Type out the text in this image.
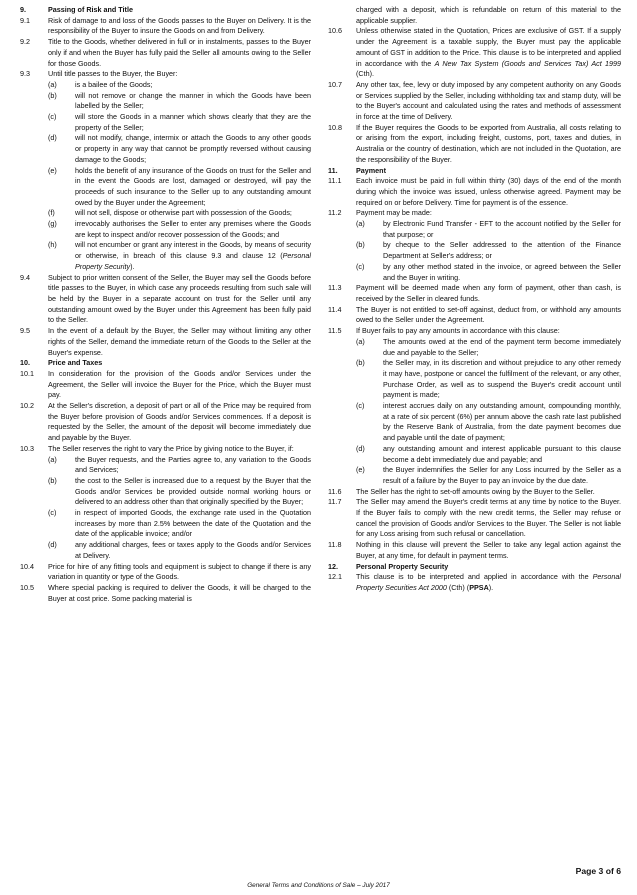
9.	Passing of Risk and Title
9.1	Risk of damage to and loss of the Goods passes to the Buyer on Delivery. It is the responsibility of the Buyer to insure the Goods on and from Delivery.
9.2	Title to the Goods, whether delivered in full or in instalments, passes to the Buyer only if and when the Buyer has fully paid the Seller all amounts owing to the Seller for those Goods.
9.3	Until title passes to the Buyer, the Buyer:
(a)	is a bailee of the Goods;
(b)	will not remove or change the manner in which the Goods have been labelled by the Seller;
(c)	will store the Goods in a manner which shows clearly that they are the property of the Seller;
(d)	will not modify, change, intermix or attach the Goods to any other goods or property in any way that cannot be promptly reversed without causing damage to the Goods;
(e)	holds the benefit of any insurance of the Goods on trust for the Seller and in the event the Goods are lost, damaged or destroyed, will pay the proceeds of such insurance to the Seller up to any outstanding amount owed by the Buyer under the Agreement;
(f)	will not sell, dispose or otherwise part with possession of the Goods;
(g)	irrevocably authorises the Seller to enter any premises where the Goods are kept to inspect and/or recover possession of the Goods; and
(h)	will not encumber or grant any interest in the Goods, by means of security or otherwise, in breach of this clause 9.3 and clause 12 (Personal Property Security).
9.4	Subject to prior written consent of the Seller, the Buyer may sell the Goods before title passes to the Buyer, in which case any proceeds resulting from such sale will be held by the Buyer in a separate account on trust for the Seller until any outstanding amount owed by the Buyer under this Agreement has been fully paid to the Seller.
9.5	In the event of a default by the Buyer, the Seller may without limiting any other rights of the Seller, demand the immediate return of the Goods to the Seller at the Buyer's expense.
10.	Price and Taxes
10.1	In consideration for the provision of the Goods and/or Services under the Agreement, the Seller will invoice the Buyer for the Price, which the Buyer must pay.
10.2	At the Seller's discretion, a deposit of part or all of the Price may be required from the Buyer before provision of Goods and/or Services commences. If a deposit is requested by the Seller, the amount of the deposit will become immediately due and payable by the Buyer.
10.3	The Seller reserves the right to vary the Price by giving notice to the Buyer, if:
(a)	the Buyer requests, and the Parties agree to, any variation to the Goods and Services;
(b)	the cost to the Seller is increased due to a request by the Buyer that the Goods and/or Services be provided outside normal working hours or delivered to an address other than that originally specified by the Buyer;
(c)	in respect of imported Goods, the exchange rate used in the Quotation increases by more than 2.5% between the date of the Quotation and the date of the applicable invoice; and/or
(d)	any additional charges, fees or taxes apply to the Goods and/or Services at Delivery.
10.4	Price for hire of any fitting tools and equipment is subject to change if there is any variation in quantity or type of the Goods.
10.5	Where special packing is required to deliver the Goods, it will be charged to the Buyer at cost price. Some packing material is
charged with a deposit, which is refundable on return of this material to the applicable supplier.
10.6	Unless otherwise stated in the Quotation, Prices are exclusive of GST. If a supply under the Agreement is a taxable supply, the Buyer must pay the applicable amount of GST in addition to the Price. This clause is to be interpreted and applied in accordance with the A New Tax System (Goods and Services Tax) Act 1999 (Cth).
10.7	Any other tax, fee, levy or duty imposed by any competent authority on any Goods or Services supplied by the Seller, including withholding tax and stamp duty, will be to the Buyer's account and calculated using the rates and methods of assessment in force at the time of Delivery.
10.8	If the Buyer requires the Goods to be exported from Australia, all costs relating to or arising from the export, including freight, customs, port, taxes and duties, in Australia or the country of destination, which are not included in the Quotation, are the responsibility of the Buyer.
11.	Payment
11.1	Each invoice must be paid in full within thirty (30) days of the end of the month during which the invoice was issued, unless otherwise agreed. Payment may be required on or before Delivery. Time for payment is of the essence.
11.2	Payment may be made:
(a)	by Electronic Fund Transfer - EFT to the account notified by the Seller for that purpose; or
(b)	by cheque to the Seller addressed to the attention of the Finance Department at Seller's address; or
(c)	by any other method stated in the invoice, or agreed between the Seller and the Buyer in writing.
11.3	Payment will be deemed made when any form of payment, other than cash, is received by the Seller in cleared funds.
11.4	The Buyer is not entitled to set-off against, deduct from, or withhold any amounts owed to the Seller under the Agreement.
11.5	If Buyer fails to pay any amounts in accordance with this clause:
(a)	The amounts owed at the end of the payment term become immediately due and payable to the Seller;
(b)	the Seller may, in its discretion and without prejudice to any other remedy it may have, postpone or cancel the fulfilment of the relevant, or any other, Purchase Order, as well as to suspend the Buyer's credit account until payment is made;
(c)	interest accrues daily on any outstanding amount, compounding monthly, at a rate of six percent (6%) per annum above the cash rate last published by the Reserve Bank of Australia, from the date payment becomes due and payable until the date of payment;
(d)	any outstanding amount and interest applicable pursuant to this clause become a debt immediately due and payable; and
(e)	the Buyer indemnifies the Seller for any Loss incurred by the Seller as a result of a failure by the Buyer to pay an invoice by the due date.
11.6	The Seller has the right to set-off amounts owing by the Buyer to the Seller.
11.7	The Seller may amend the Buyer's credit terms at any time by notice to the Buyer. If the Buyer fails to comply with the new credit terms, the Seller may refuse or cancel the provision of Goods and/or Services to the Buyer. The Seller is not liable for any Loss arising from such refusal or cancellation.
11.8	Nothing in this clause will prevent the Seller to take any legal action against the Buyer, at any time, for default in payment terms.
12.	Personal Property Security
12.1	This clause is to be interpreted and applied in accordance with the Personal Property Securities Act 2000 (Cth) (PPSA).
Page 3 of 6
General Terms and Conditions of Sale – July 2017
